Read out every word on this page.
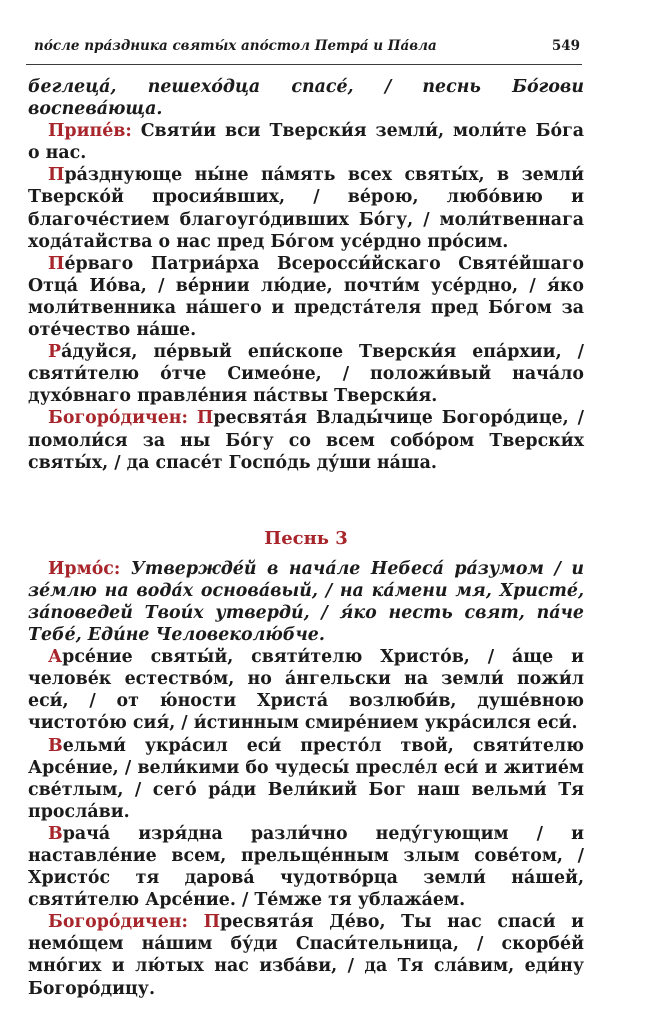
по́сле пра́здника святы́х апо́стол Петра́ и Па́вла	549

беглеца́, пешехо́дца спасе́, / песнь Бо́гови воспева́юща.

Припе́в: Святи́и вси Тверски́я земли́, моли́те Бо́га о нас.

Пра́зднующе ны́не па́мять всех святы́х, в земли́ Тверско́й просия́вших, / ве́рою, любо́вию и благоче́стием благоуго́дивших Бо́гу, / моли́твеннага хода́тайства о нас пред Бо́гом усе́рдно про́сим.

Пе́рваго Патриа́рха Всеросси́йскаго Святе́йшаго Отца́ Ио́ва, / ве́рнии лю́дие, почти́м усе́рдно, / я́ко моли́твенника на́шего и предста́теля пред Бо́гом за оте́чество на́ше.

Ра́дуйся, пе́рвый епи́скопе Тверски́я епа́рхии, / святи́телю о́тче Симео́не, / положи́вый нача́ло духо́внаго правле́ния па́ствы Тверски́я.

Богоро́дичен: Пресвята́я Влады́чице Богоро́дице, / помоли́ся за ны Бо́гу со всем собо́ром Тверски́х святы́х, / да спасе́т Госпо́дь ду́ши на́ша.

Песнь 3

Ирмо́с: Утвержде́й в нача́ле Небеса́ ра́зумом / и зе́млю на вода́х основа́вый, / на ка́мени мя, Христе́, за́поведей Твои́х утверди́, / я́ко несть свят, па́че Тебе́, Еди́не Человеколю́бче.

Арсе́ние святы́й, святи́телю Христо́в, / а́ще и челове́к естество́м, но а́нгельски на земли́ пожи́л еси́, / от ю́ности Христа́ возлюби́в, душе́вною чистото́ю сия́, / и́стинным смире́нием укра́сился еси́.

Вельми́ укра́сил еси́ престо́л твой, святи́телю Арсе́ние, / вели́кими бо чудесы́ пресле́л еси́ и житие́м све́тлым, / сего́ ра́ди Вели́кий Бог наш вельми́ Тя просла́ви.

Врача́ изря́дна разли́чно неду́гующим / и наставле́ние всем, прельще́нным злым сове́том, / Христо́с тя дарова́ чудотво́рца земли́ на́шей, святи́телю Арсе́ние. / Те́мже тя ублажа́ем.

Богоро́дичен: Пресвята́я Де́во, Ты нас спаси́ и немо́щем на́шим бу́ди Спаси́тельница, / скорбе́й мно́гих и лю́тых нас изба́ви, / да Тя сла́вим, еди́ну Богоро́дицу.
